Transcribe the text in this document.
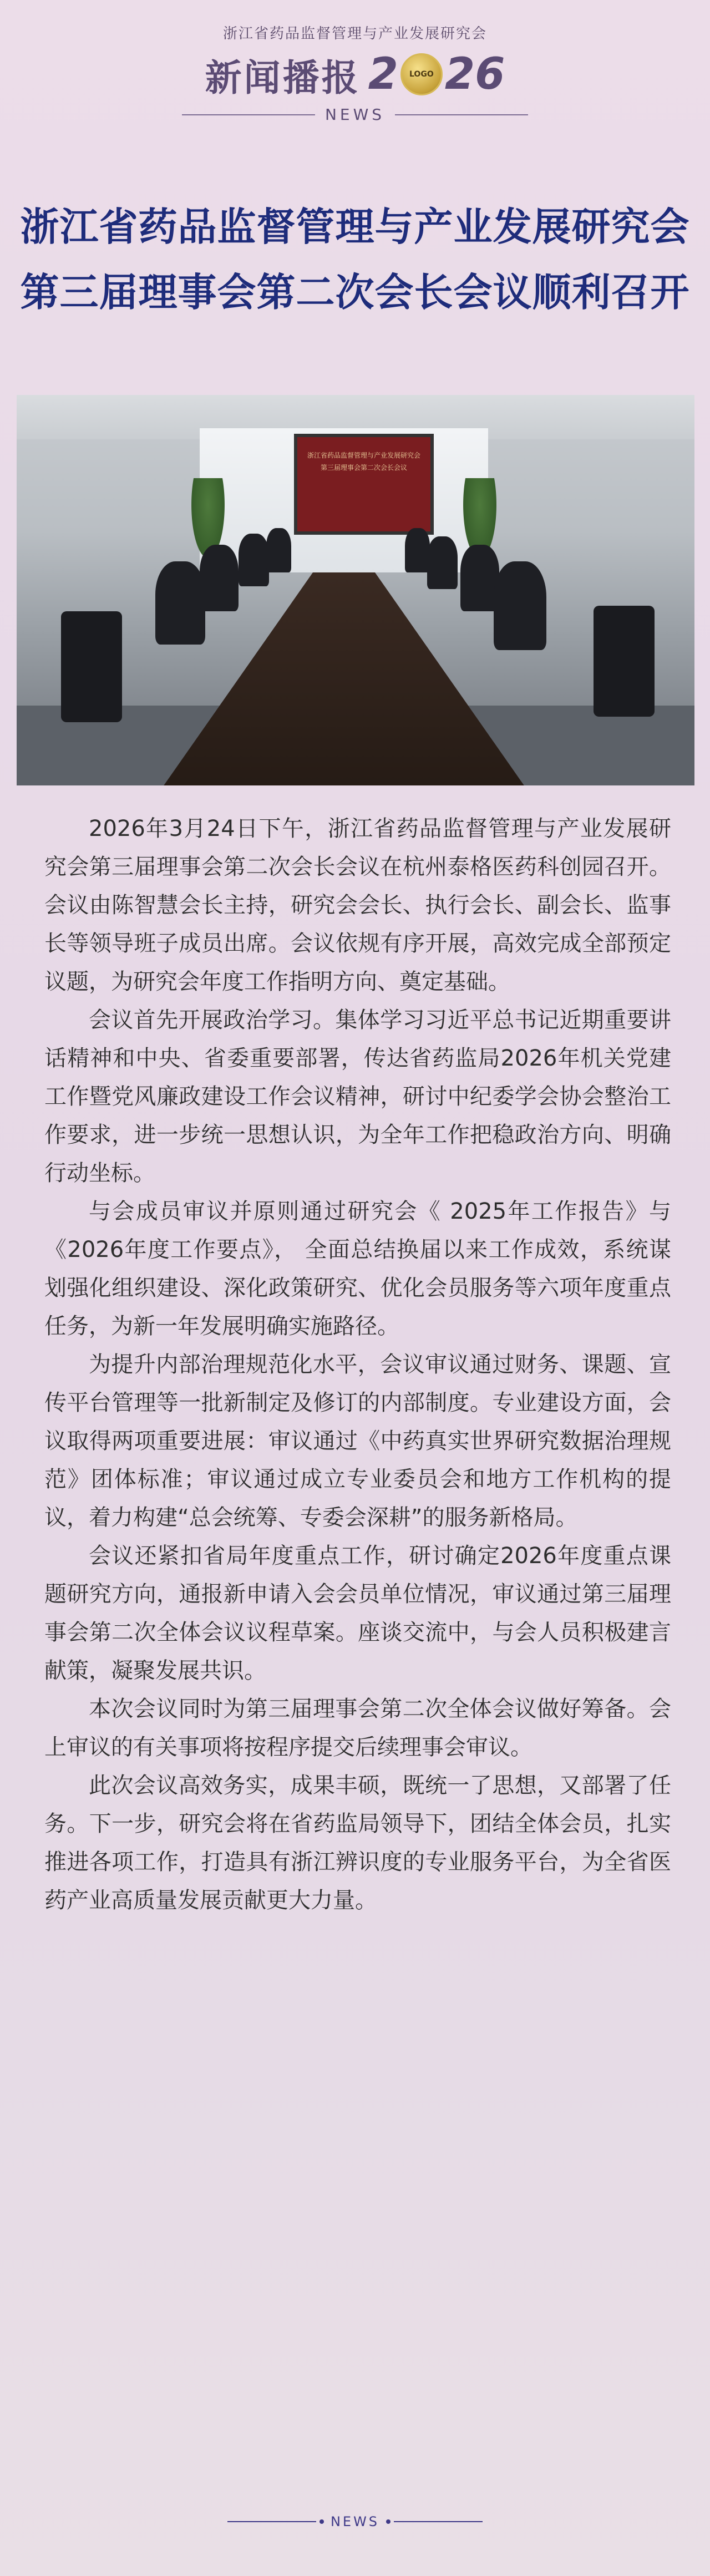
浙江省药品监督管理与产业发展研究会
新闻播报 2 LOGO 26
NEWS
浙江省药品监督管理与产业发展研究会
第三届理事会第二次会长会议顺利召开
浙江省药品监督管理与产业发展研究会第三届理事会第二次会长会议

2026年3月24日下午，浙江省药品监督管理与产业发展研究会第三届理事会第二次会长会议在杭州泰格医药科创园召开。会议由陈智慧会长主持，研究会会长、执行会长、副会长、监事长等领导班子成员出席。会议依规有序开展，高效完成全部预定议题，为研究会年度工作指明方向、奠定基础。

会议首先开展政治学习。集体学习习近平总书记近期重要讲话精神和中央、省委重要部署，传达省药监局2026年机关党建工作暨党风廉政建设工作会议精神，研讨中纪委学会协会整治工作要求，进一步统一思想认识，为全年工作把稳政治方向、明确行动坐标。

与会成员审议并原则通过研究会《 2025年工作报告》与《2026年度工作要点》， 全面总结换届以来工作成效，系统谋划强化组织建设、深化政策研究、优化会员服务等六项年度重点任务，为新一年发展明确实施路径。

为提升内部治理规范化水平，会议审议通过财务、课题、宣传平台管理等一批新制定及修订的内部制度。专业建设方面，会议取得两项重要进展：审议通过《中药真实世界研究数据治理规范》团体标准；审议通过成立专业委员会和地方工作机构的提议，着力构建“总会统筹、专委会深耕”的服务新格局。

会议还紧扣省局年度重点工作，研讨确定2026年度重点课题研究方向，通报新申请入会会员单位情况，审议通过第三届理事会第二次全体会议议程草案。座谈交流中，与会人员积极建言献策，凝聚发展共识。

本次会议同时为第三届理事会第二次全体会议做好筹备。会上审议的有关事项将按程序提交后续理事会审议。

此次会议高效务实，成果丰硕，既统一了思想，又部署了任务。下一步，研究会将在省药监局领导下，团结全体会员，扎实推进各项工作，打造具有浙江辨识度的专业服务平台，为全省医药产业高质量发展贡献更大力量。

NEWS
